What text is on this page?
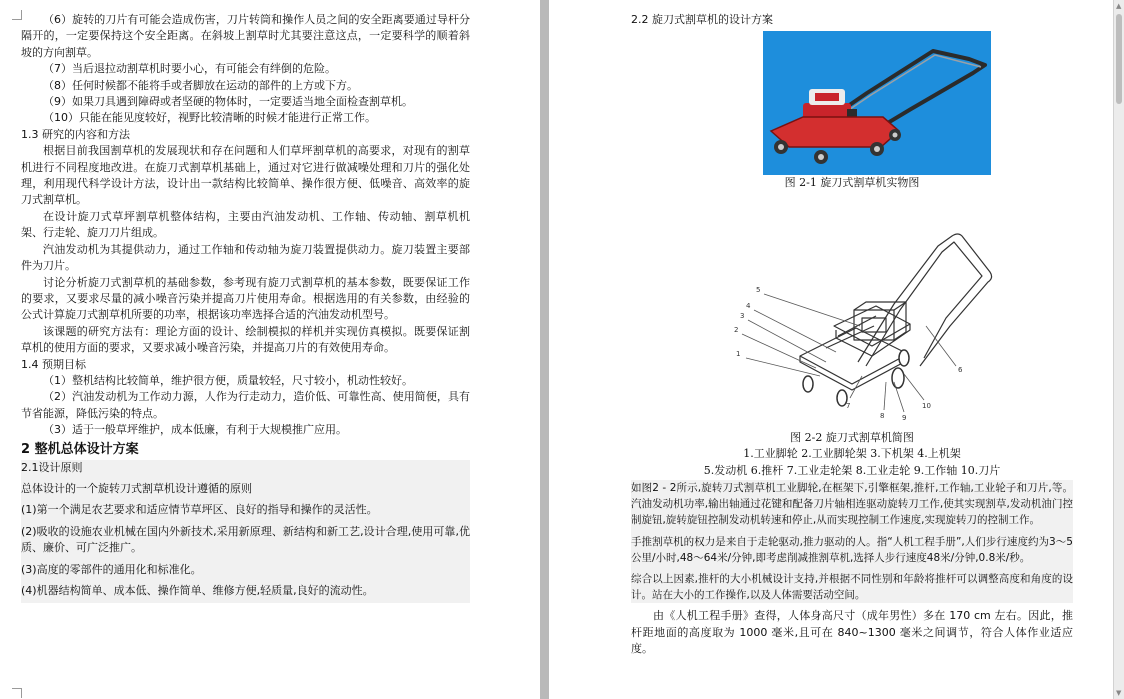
（6）旋转的刀片有可能会造成伤害，刀片转筒和操作人员之间的安全距离要通过导杆分隔开的，一定要保持这个安全距离。在斜坡上割草时尤其要注意这点，一定要科学的顺着斜坡的方向割草。

（7）当后退拉动割草机时要小心，有可能会有绊倒的危险。

（8）任何时候都不能将手或者脚放在运动的部件的上方或下方。

（9）如果刀具遇到障碍或者坚硬的物体时，一定要适当地全面检查割草机。

（10）只能在能见度较好，视野比较清晰的时候才能进行正常工作。

1.3 研究的内容和方法

根据目前我国割草机的发展现状和存在问题和人们草坪割草机的高要求，对现有的割草机进行不同程度地改进。在旋刀式割草机基础上，通过对它进行做减噪处理和刀片的强化处理，利用现代科学设计方法，设计出一款结构比较简单、操作很方便、低噪音、高效率的旋刀式割草机。

在设计旋刀式草坪割草机整体结构，主要由汽油发动机、工作轴、传动轴、割草机机架、行走轮、旋刀刀片组成。

汽油发动机为其提供动力，通过工作轴和传动轴为旋刀装置提供动力。旋刀装置主要部件为刀片。

讨论分析旋刀式割草机的基础参数，参考现有旋刀式割草机的基本参数，既要保证工作的要求，又要求尽量的减小噪音污染并提高刀片使用寿命。根据选用的有关参数，由经验的公式计算旋刀式割草机所要的功率，根据该功率选择合适的汽油发动机型号。

该课题的研究方法有：理论方面的设计、绘制模拟的样机并实现仿真模拟。既要保证割草机的使用方面的要求，又要求减小噪音污染，并提高刀片的有效使用寿命。

1.4 预期目标

（1）整机结构比较简单，维护很方便，质量较轻，尺寸较小，机动性较好。

（2）汽油发动机为工作动力源，人作为行走动力，造价低、可靠性高、使用简便，具有节省能源，降低污染的特点。

（3）适于一般草坪维护，成本低廉，有利于大规模推广应用。

2 整机总体设计方案

2.1设计原则

总体设计的一个旋转刀式割草机设计遵循的原则

(1)第一个满足农艺要求和适应情节草坪区、良好的指导和操作的灵活性。

(2)吸收的设施农业机械在国内外新技术,采用新原理、新结构和新工艺,设计合理,使用可靠,优质、廉价、可广泛推广。

(3)高度的零部件的通用化和标准化。

(4)机器结构简单、成本低、操作简单、维修方便,轻质量,良好的流动性。

2.2 旋刀式割草机的设计方案

图 2-1 旋刀式割草机实物图

1
2
3
4
5
6
7
8	9
10

图 2-2 旋刀式割草机简图

1.工业脚轮 2.工业脚轮架 3.下机架 4.上机架

5.发动机 6.推杆 7.工业走轮架 8.工业走轮 9.工作轴 10.刀片

如图2 - 2所示,旋转刀式割草机工业脚轮,在框架下,引擎框架,推杆,工作轴,工业轮子和刀片,等。汽油发动机功率,输出轴通过花键和配备刀片轴相连驱动旋转刀工作,使其实现割草,发动机油门控制旋钮,旋转旋钮控制发动机转速和停止,从而实现控制工作速度,实现旋转刀的控制工作。

手推割草机的权力是来自于走轮驱动,推力驱动的人。指“人机工程手册”,人们步行速度约为3～5公里/小时,48～64米/分钟,即考虑削减推割草机,选择人步行速度48米/分钟,0.8米/秒。

综合以上因素,推杆的大小机械设计支持,并根据不同性别和年龄将推杆可以调整高度和角度的设计。站在大小的工作操作,以及人体需要活动空间。

由《人机工程手册》查得，人体身高尺寸（成年男性）多在 170 cm 左右。因此，推杆距地面的高度取为 1000 毫米,且可在 840~1300 毫米之间调节，符合人体作业适应度。

▲
▼
